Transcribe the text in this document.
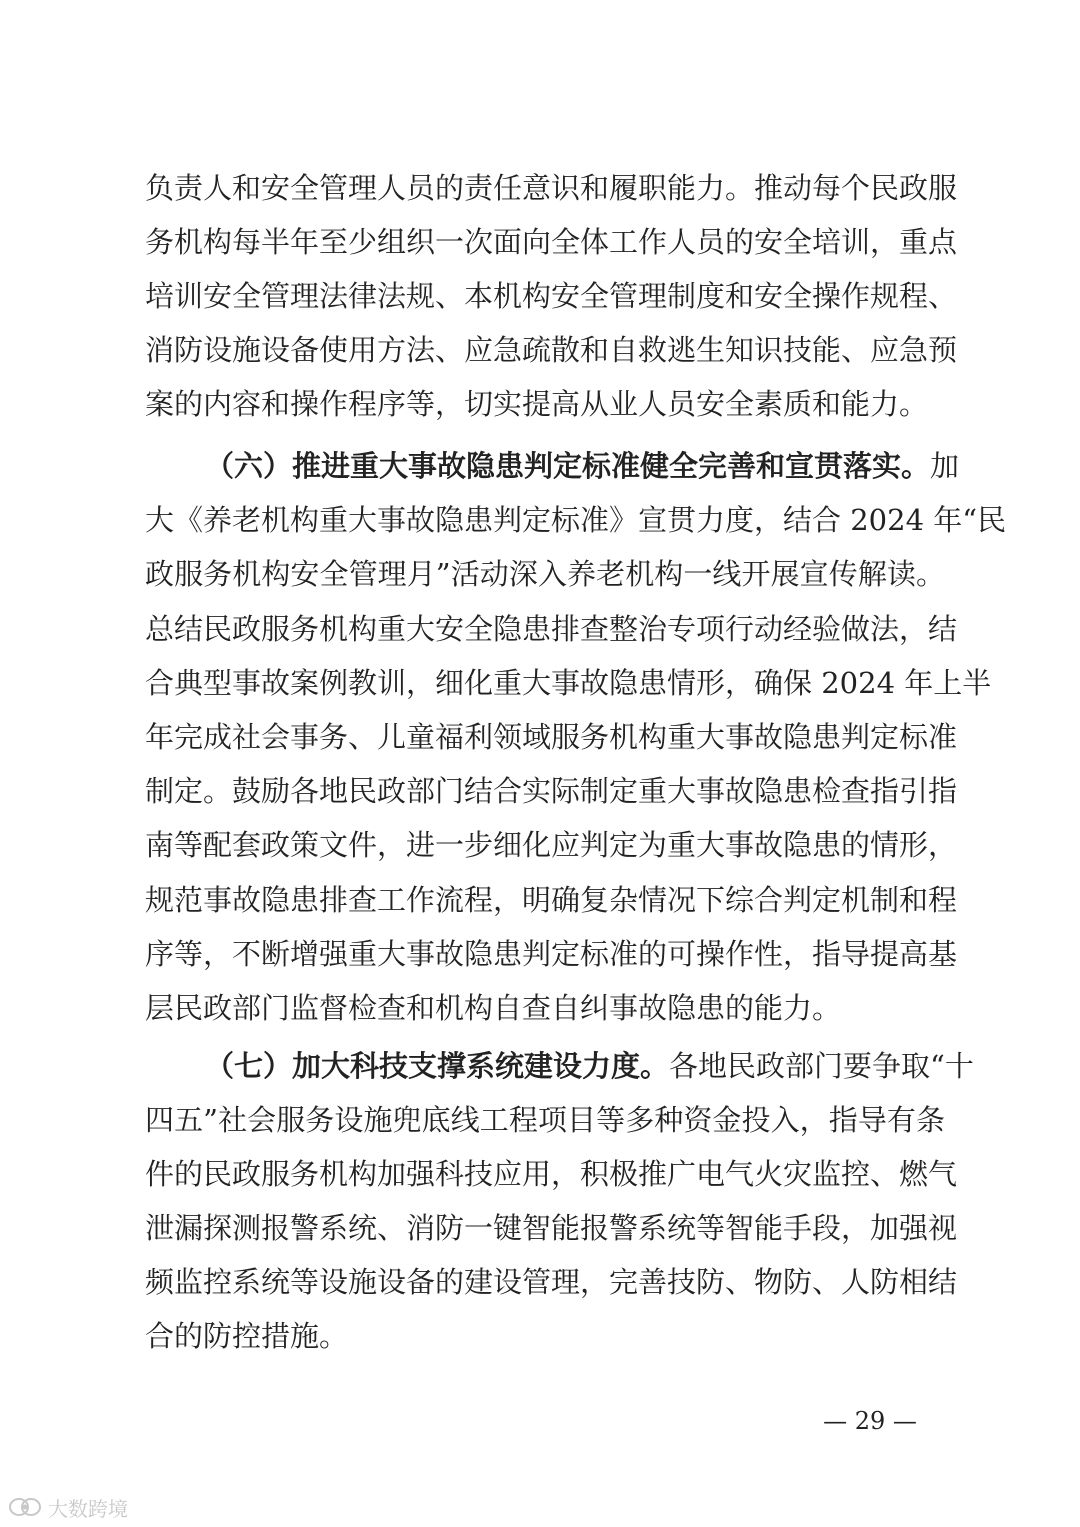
负责人和安全管理人员的责任意识和履职能力。推动每个民政服
务机构每半年至少组织一次面向全体工作人员的安全培训，重点
培训安全管理法律法规、本机构安全管理制度和安全操作规程、
消防设施设备使用方法、应急疏散和自救逃生知识技能、应急预
案的内容和操作程序等，切实提高从业人员安全素质和能力。
（六）推进重大事故隐患判定标准健全完善和宣贯落实。加
大《养老机构重大事故隐患判定标准》宣贯力度，结合 2024 年“民
政服务机构安全管理月”活动深入养老机构一线开展宣传解读。
总结民政服务机构重大安全隐患排查整治专项行动经验做法，结
合典型事故案例教训，细化重大事故隐患情形，确保 2024 年上半
年完成社会事务、儿童福利领域服务机构重大事故隐患判定标准
制定。鼓励各地民政部门结合实际制定重大事故隐患检查指引指
南等配套政策文件，进一步细化应判定为重大事故隐患的情形，
规范事故隐患排查工作流程，明确复杂情况下综合判定机制和程
序等，不断增强重大事故隐患判定标准的可操作性，指导提高基
层民政部门监督检查和机构自查自纠事故隐患的能力。
（七）加大科技支撑系统建设力度。各地民政部门要争取“十
四五”社会服务设施兜底线工程项目等多种资金投入，指导有条
件的民政服务机构加强科技应用，积极推广电气火灾监控、燃气
泄漏探测报警系统、消防一键智能报警系统等智能手段，加强视
频监控系统等设施设备的建设管理，完善技防、物防、人防相结
合的防控措施。
— 29 —
大数跨境
